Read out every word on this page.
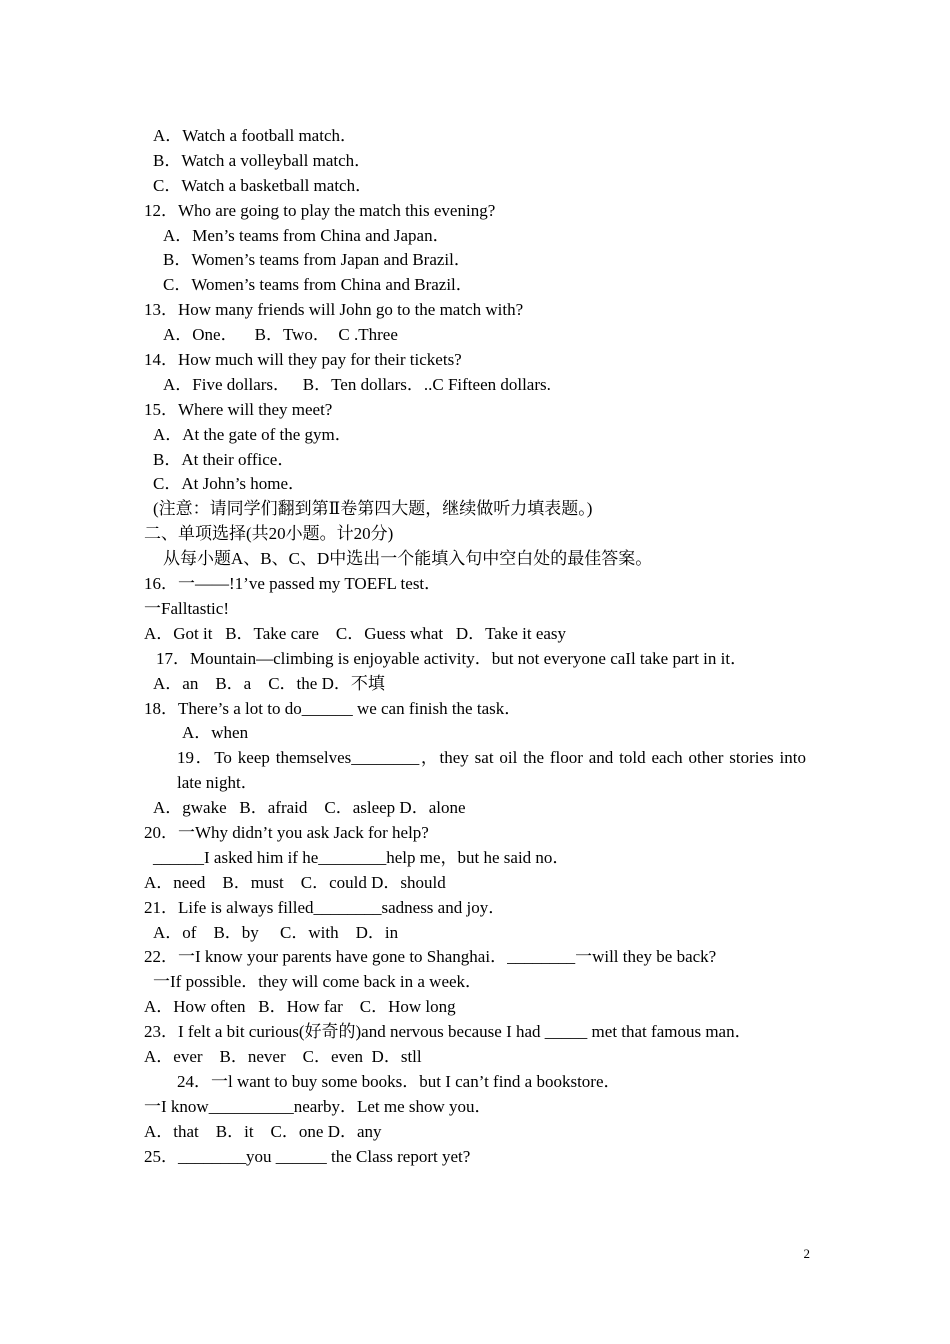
A．Watch a football match．
B．Watch a volleyball match．
C．Watch a basketball match．
12．Who are going to play the match this evening?
A．Men’s teams from China and Japan．
B．Women’s teams from Japan and Brazil．
C．Women’s teams from China and Brazil．
13．How many friends will John go to the match with?
A．One．    B．Two．  C .Three
14．How much will they pay for their tickets?
A．Five dollars．   B．Ten dollars．..C Fifteen dollars.
15．Where will they meet?
A．At the gate of the gym．
B．At their office．
C．At John’s home．
(注意：请同学们翻到第Ⅱ卷第四大题，继续做听力填表题。)
二、单项选择(共20小题。计20分)
从每小题A、B、C、D中选出一个能填入句中空白处的最佳答案。
16．一——!1’ve passed my TOEFL test．
一Falltastic!
A．Got it   B．Take care    C．Guess what   D．Take it easy
17．Mountain—climbing is enjoyable activity．but not everyone caIl take part in it．
A．an    B．a    C．the D．不填
18．There’s a lot to do______ we can finish the task．
A．when
19．To keep themselves________，they sat oil the floor and told each other stories into late night．
A．gwake   B．afraid    C．asleep D．alone
20．一Why didn’t you ask Jack for help?
______I asked him if he________help me，but he said no．
A．need    B．must    C．could D．should
21．Life is always filled________sadness and joy．
A．of    B．by     C．with    D．in
22．一I know your parents have gone to Shanghai．________一will they be back?
一If possible．they will come back in a week．
A．How often   B．How far    C．How long
23．I felt a bit curious(好奇的)and nervous because I had _____ met that famous man．
A．ever    B．never    C．even  D．stll
24．一l want to buy some books．but I can’t find a bookstore．
一I know__________nearby．Let me show you．
A．that    B．it    C．one D．any
25．________you ______ the Class report yet?
2
